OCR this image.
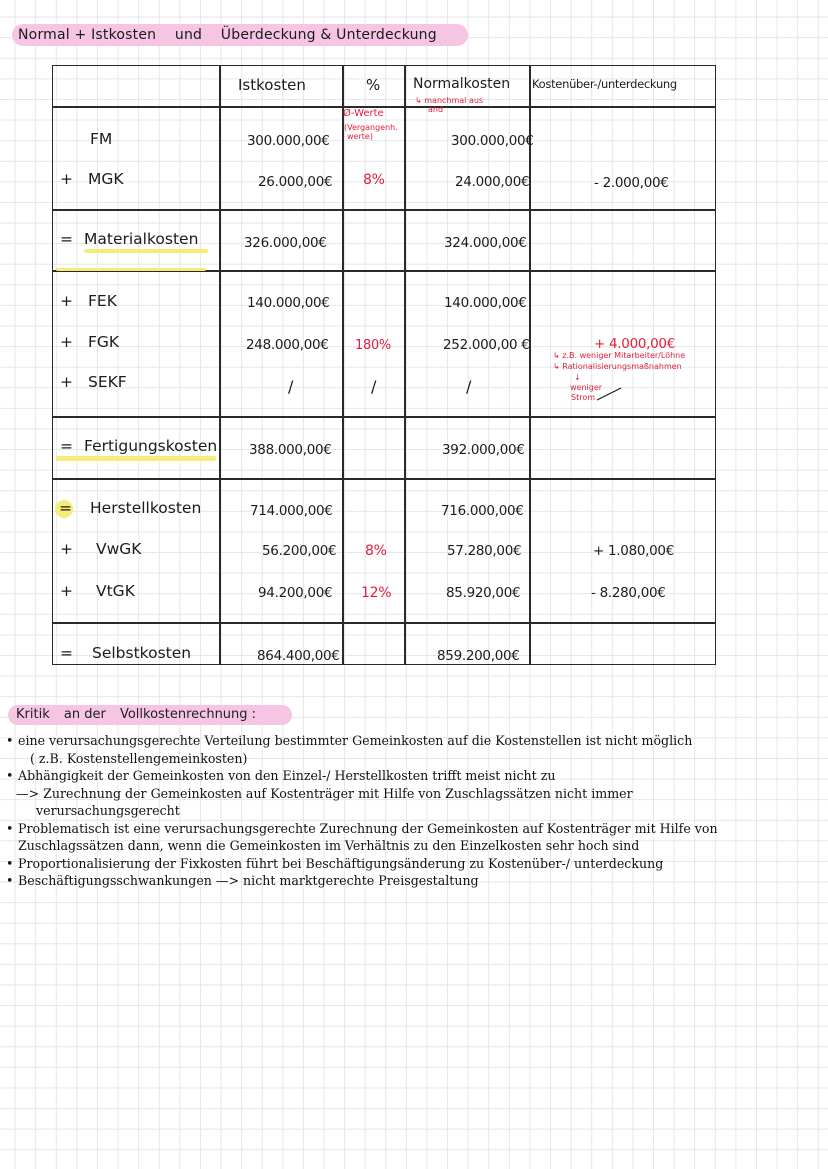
Normal + Istkosten und Überdeckung & Unterdeckung
Istkosten	% Normalkosten Kostenüber-/unterdeckung
Ø-Werte
(Vergangenh.
werte)
↳ manchmal aus
and
FM	300.000,00€	300.000,00€
+ MGK	26.000,00€ 8%	24.000,00€	- 2.000,00€
= Materialkosten	326.000,00€	324.000,00€
+ FEK	140.000,00€	140.000,00€
+ FGK	248.000,00€ 180%	252.000,00 €	+ 4.000,00€
↳ z.B. weniger Mitarbeiter/Löhne
↳ Rationalisierungsmaßnahmen
↓
weniger
Strom
+ SEKF	/	/	/
= Fertigungskosten 388.000,00€	392.000,00€
= Herstellkosten	714.000,00€	716.000,00€
+ VwGK	56.200,00€ 8%	57.280,00€	+ 1.080,00€
+ VtGK	94.200,00€ 12%	85.920,00€	- 8.280,00€
= Selbstkosten	864.400,00€	859.200,00€
Kritik an der Vollkostenrechnung :
• eine verursachungsgerechte Verteilung bestimmter Gemeinkosten auf die Kostenstellen ist nicht möglich
( z.B. Kostenstellengemeinkosten)
• Abhängigkeit der Gemeinkosten von den Einzel-/ Herstellkosten trifft meist nicht zu
—> Zurechnung der Gemeinkosten auf Kostenträger mit Hilfe von Zuschlagssätzen nicht immer
verursachungsgerecht
• Problematisch ist eine verursachungsgerechte Zurechnung der Gemeinkosten auf Kostenträger mit Hilfe von
Zuschlagssätzen dann, wenn die Gemeinkosten im Verhältnis zu den Einzelkosten sehr hoch sind
• Proportionalisierung der Fixkosten führt bei Beschäftigungsänderung zu Kostenüber-/ unterdeckung
• Beschäftigungsschwankungen —> nicht marktgerechte Preisgestaltung
